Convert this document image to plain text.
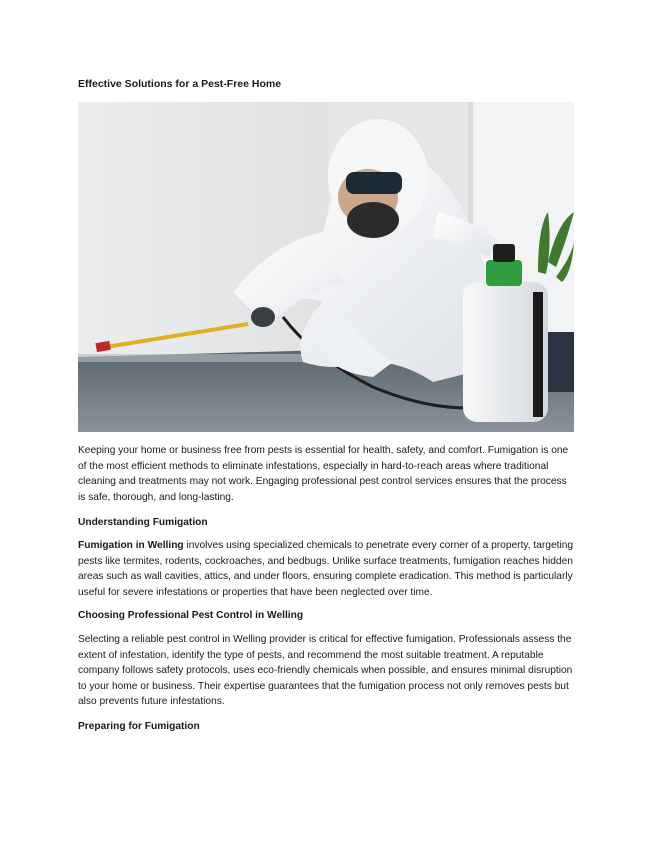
Effective Solutions for a Pest-Free Home

Keeping your home or business free from pests is essential for health, safety, and comfort. Fumigation is one of the most efficient methods to eliminate infestations, especially in hard-to-reach areas where traditional cleaning and treatments may not work. Engaging professional pest control services ensures that the process is safe, thorough, and long-lasting.

Understanding Fumigation

Fumigation in Welling involves using specialized chemicals to penetrate every corner of a property, targeting pests like termites, rodents, cockroaches, and bedbugs. Unlike surface treatments, fumigation reaches hidden areas such as wall cavities, attics, and under floors, ensuring complete eradication. This method is particularly useful for severe infestations or properties that have been neglected over time.

Choosing Professional Pest Control in Welling

Selecting a reliable pest control in Welling provider is critical for effective fumigation. Professionals assess the extent of infestation, identify the type of pests, and recommend the most suitable treatment. A reputable company follows safety protocols, uses eco-friendly chemicals when possible, and ensures minimal disruption to your home or business. Their expertise guarantees that the fumigation process not only removes pests but also prevents future infestations.

Preparing for Fumigation
